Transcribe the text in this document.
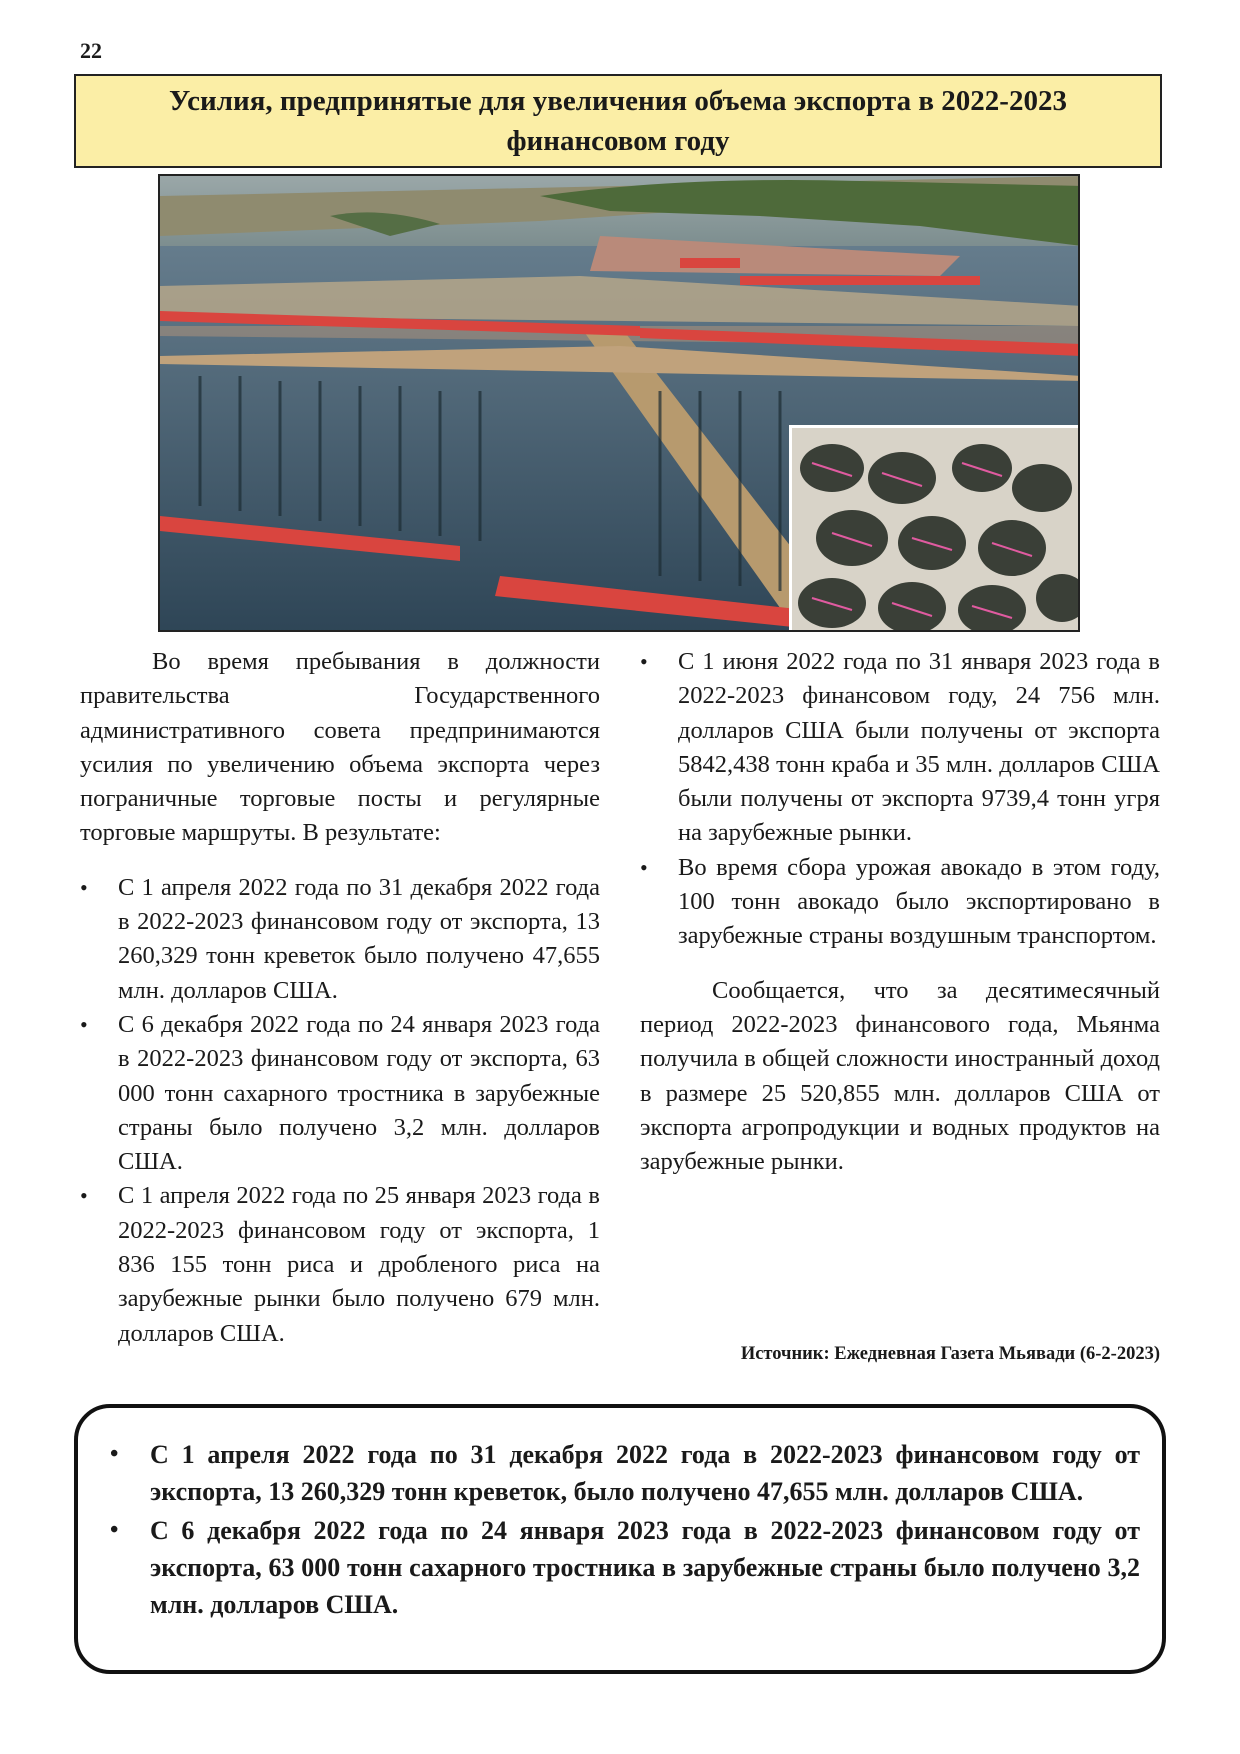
22
Усилия, предпринятые для увеличения объема экспорта в 2022-2023 финансовом году

Во время пребывания в должности правительства Государственного административного совета предпринимаются усилия по увеличению объема экспорта через пограничные торговые посты и регулярные торговые маршруты. В результате:

• С 1 апреля 2022 года по 31 декабря 2022 года в 2022-2023 финансовом году от экспорта, 13 260,329 тонн креветок было получено 47,655 млн. долларов США.
• С 6 декабря 2022 года по 24 января 2023 года в 2022-2023 финансовом году от экспорта, 63 000 тонн сахарного тростника в зарубежные страны было получено 3,2 млн. долларов США.
• С 1 апреля 2022 года по 25 января 2023 года в 2022-2023 финансовом году от экспорта, 1 836 155 тонн риса и дробленого риса на зарубежные рынки было получено 679 млн. долларов США.
• С 1 июня 2022 года по 31 января 2023 года в 2022-2023 финансовом году, 24 756 млн. долларов США были получены от экспорта 5842,438 тонн краба и 35 млн. долларов США были получены от экспорта 9739,4 тонн угря на зарубежные рынки.
• Во время сбора урожая авокадо в этом году, 100 тонн авокадо было экспортировано в зарубежные страны воздушным транспортом.

Сообщается, что за десятимесячный период 2022-2023 финансового года, Мьянма получила в общей сложности иностранный доход в размере 25 520,855 млн. долларов США от экспорта агропродукции и водных продуктов на зарубежные рынки.

Источник: Ежедневная Газета Мьявади (6-2-2023)
• С 1 апреля 2022 года по 31 декабря 2022 года в 2022-2023 финансовом году от экспорта, 13 260,329 тонн креветок, было получено 47,655 млн. долларов США.
• С 6 декабря 2022 года по 24 января 2023 года в 2022-2023 финансовом году от экспорта, 63 000 тонн сахарного тростника в зарубежные страны было получено 3,2 млн. долларов США.
